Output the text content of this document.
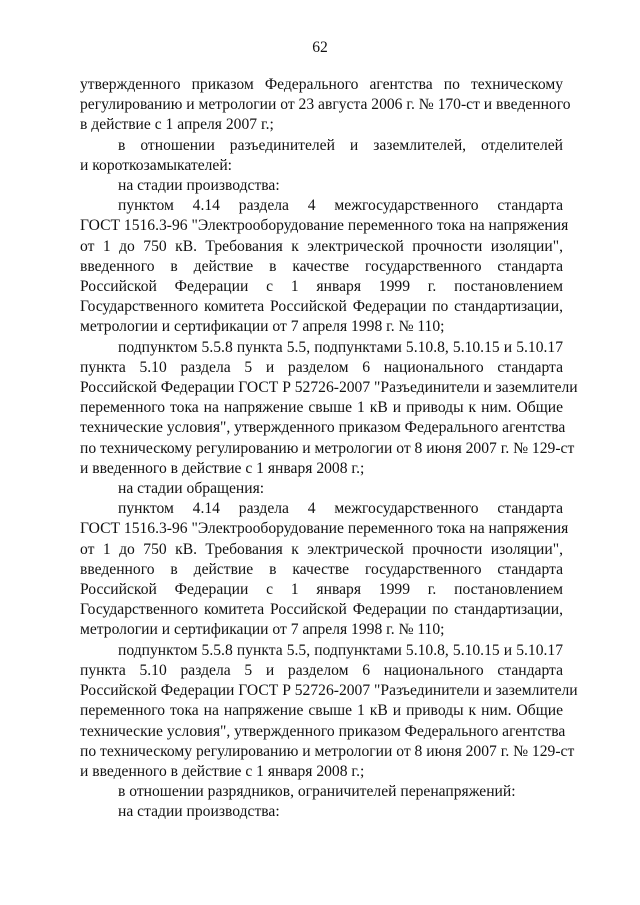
62
утвержденного приказом Федерального агентства по техническому
регулированию и метрологии от 23 августа 2006 г. № 170-ст и введенного
в действие с 1 апреля 2007 г.;
в отношении разъединителей и заземлителей, отделителей
и короткозамыкателей:
на стадии производства:
пунктом 4.14 раздела 4 межгосударственного стандарта
ГОСТ 1516.3-96 "Электрооборудование переменного тока на напряжения
от 1 до 750 кВ. Требования к электрической прочности изоляции",
введенного в действие в качестве государственного стандарта
Российской Федерации с 1 января 1999 г. постановлением
Государственного комитета Российской Федерации по стандартизации,
метрологии и сертификации от 7 апреля 1998 г. № 110;
подпунктом 5.5.8 пункта 5.5, подпунктами 5.10.8, 5.10.15 и 5.10.17
пункта 5.10 раздела 5 и разделом 6 национального стандарта
Российской Федерации ГОСТ Р 52726-2007 "Разъединители и заземлители
переменного тока на напряжение свыше 1 кВ и приводы к ним. Общие
технические условия", утвержденного приказом Федерального агентства
по техническому регулированию и метрологии от 8 июня 2007 г. № 129-ст
и введенного в действие с 1 января 2008 г.;
на стадии обращения:
пунктом 4.14 раздела 4 межгосударственного стандарта
ГОСТ 1516.3-96 "Электрооборудование переменного тока на напряжения
от 1 до 750 кВ. Требования к электрической прочности изоляции",
введенного в действие в качестве государственного стандарта
Российской Федерации с 1 января 1999 г. постановлением
Государственного комитета Российской Федерации по стандартизации,
метрологии и сертификации от 7 апреля 1998 г. № 110;
подпунктом 5.5.8 пункта 5.5, подпунктами 5.10.8, 5.10.15 и 5.10.17
пункта 5.10 раздела 5 и разделом 6 национального стандарта
Российской Федерации ГОСТ Р 52726-2007 "Разъединители и заземлители
переменного тока на напряжение свыше 1 кВ и приводы к ним. Общие
технические условия", утвержденного приказом Федерального агентства
по техническому регулированию и метрологии от 8 июня 2007 г. № 129-ст
и введенного в действие с 1 января 2008 г.;
в отношении разрядников, ограничителей перенапряжений:
на стадии производства:
